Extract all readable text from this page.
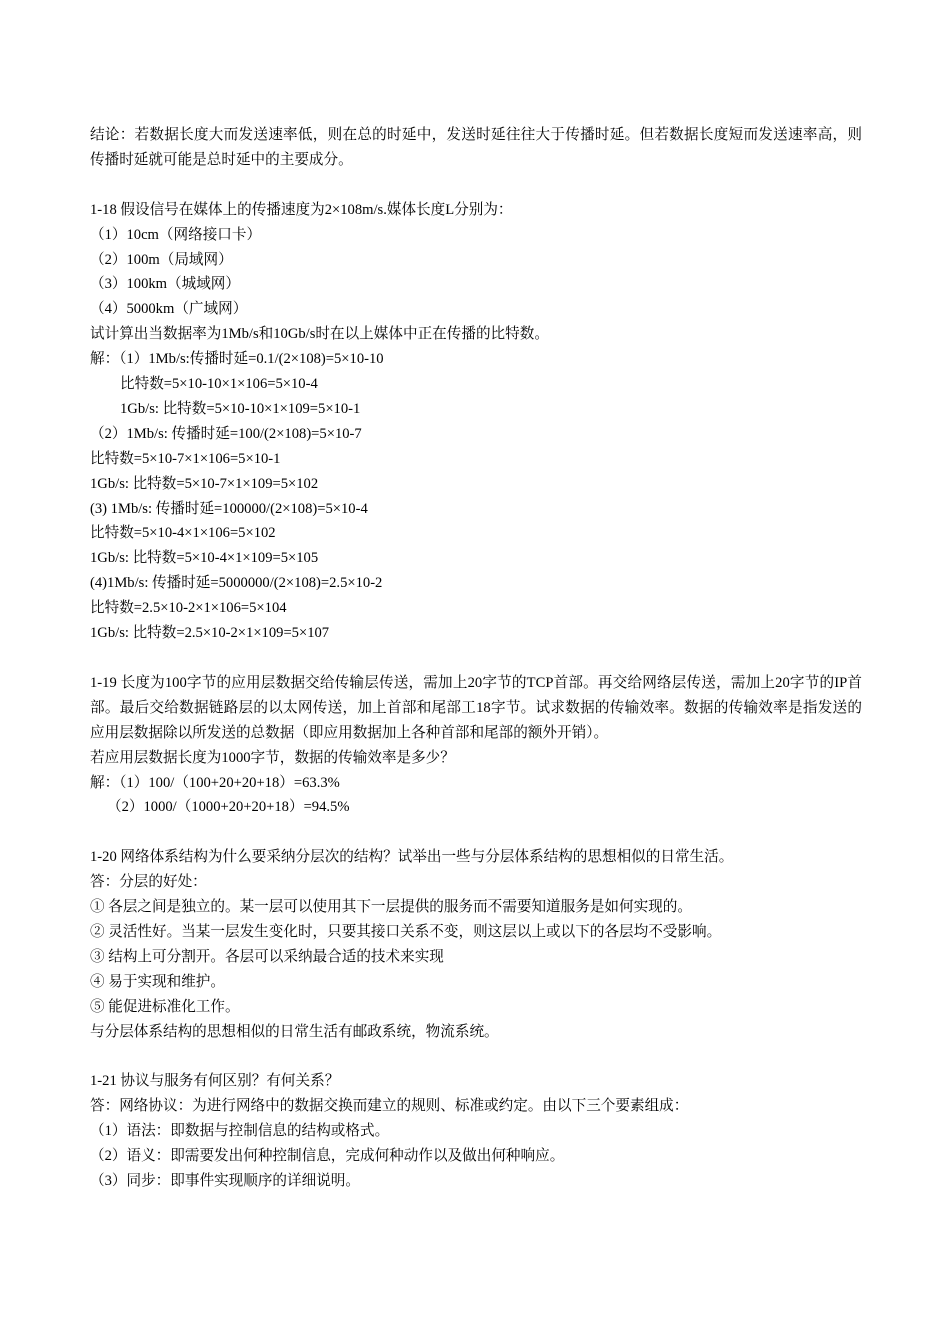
结论：若数据长度大而发送速率低，则在总的时延中，发送时延往往大于传播时延。但若数据长度短而发送速率高，则传播时延就可能是总时延中的主要成分。
1-18 假设信号在媒体上的传播速度为2×108m/s.媒体长度L分别为：
（1）10cm（网络接口卡）
（2）100m（局域网）
（3）100km（城域网）
（4）5000km（广域网）
试计算出当数据率为1Mb/s和10Gb/s时在以上媒体中正在传播的比特数。
解：（1）1Mb/s:传播时延=0.1/(2×108)=5×10-10
比特数=5×10-10×1×106=5×10-4
1Gb/s: 比特数=5×10-10×1×109=5×10-1
（2）1Mb/s: 传播时延=100/(2×108)=5×10-7
比特数=5×10-7×1×106=5×10-1
1Gb/s: 比特数=5×10-7×1×109=5×102
(3) 1Mb/s: 传播时延=100000/(2×108)=5×10-4
比特数=5×10-4×1×106=5×102
1Gb/s: 比特数=5×10-4×1×109=5×105
(4)1Mb/s: 传播时延=5000000/(2×108)=2.5×10-2
比特数=2.5×10-2×1×106=5×104
1Gb/s: 比特数=2.5×10-2×1×109=5×107
1-19 长度为100字节的应用层数据交给传输层传送，需加上20字节的TCP首部。再交给网络层传送，需加上20字节的IP首部。最后交给数据链路层的以太网传送，加上首部和尾部工18字节。试求数据的传输效率。数据的传输效率是指发送的应用层数据除以所发送的总数据（即应用数据加上各种首部和尾部的额外开销）。
若应用层数据长度为1000字节，数据的传输效率是多少？
解：（1）100/（100+20+20+18）=63.3%
（2）1000/（1000+20+20+18）=94.5%
1-20 网络体系结构为什么要采纳分层次的结构？试举出一些与分层体系结构的思想相似的日常生活。
答：分层的好处：
① 各层之间是独立的。某一层可以使用其下一层提供的服务而不需要知道服务是如何实现的。
② 灵活性好。当某一层发生变化时，只要其接口关系不变，则这层以上或以下的各层均不受影响。
③ 结构上可分割开。各层可以采纳最合适的技术来实现
④ 易于实现和维护。
⑤ 能促进标准化工作。
与分层体系结构的思想相似的日常生活有邮政系统，物流系统。
1-21 协议与服务有何区别？有何关系？
答：网络协议：为进行网络中的数据交换而建立的规则、标准或约定。由以下三个要素组成：
（1）语法：即数据与控制信息的结构或格式。
（2）语义：即需要发出何种控制信息，完成何种动作以及做出何种响应。
（3）同步：即事件实现顺序的详细说明。
